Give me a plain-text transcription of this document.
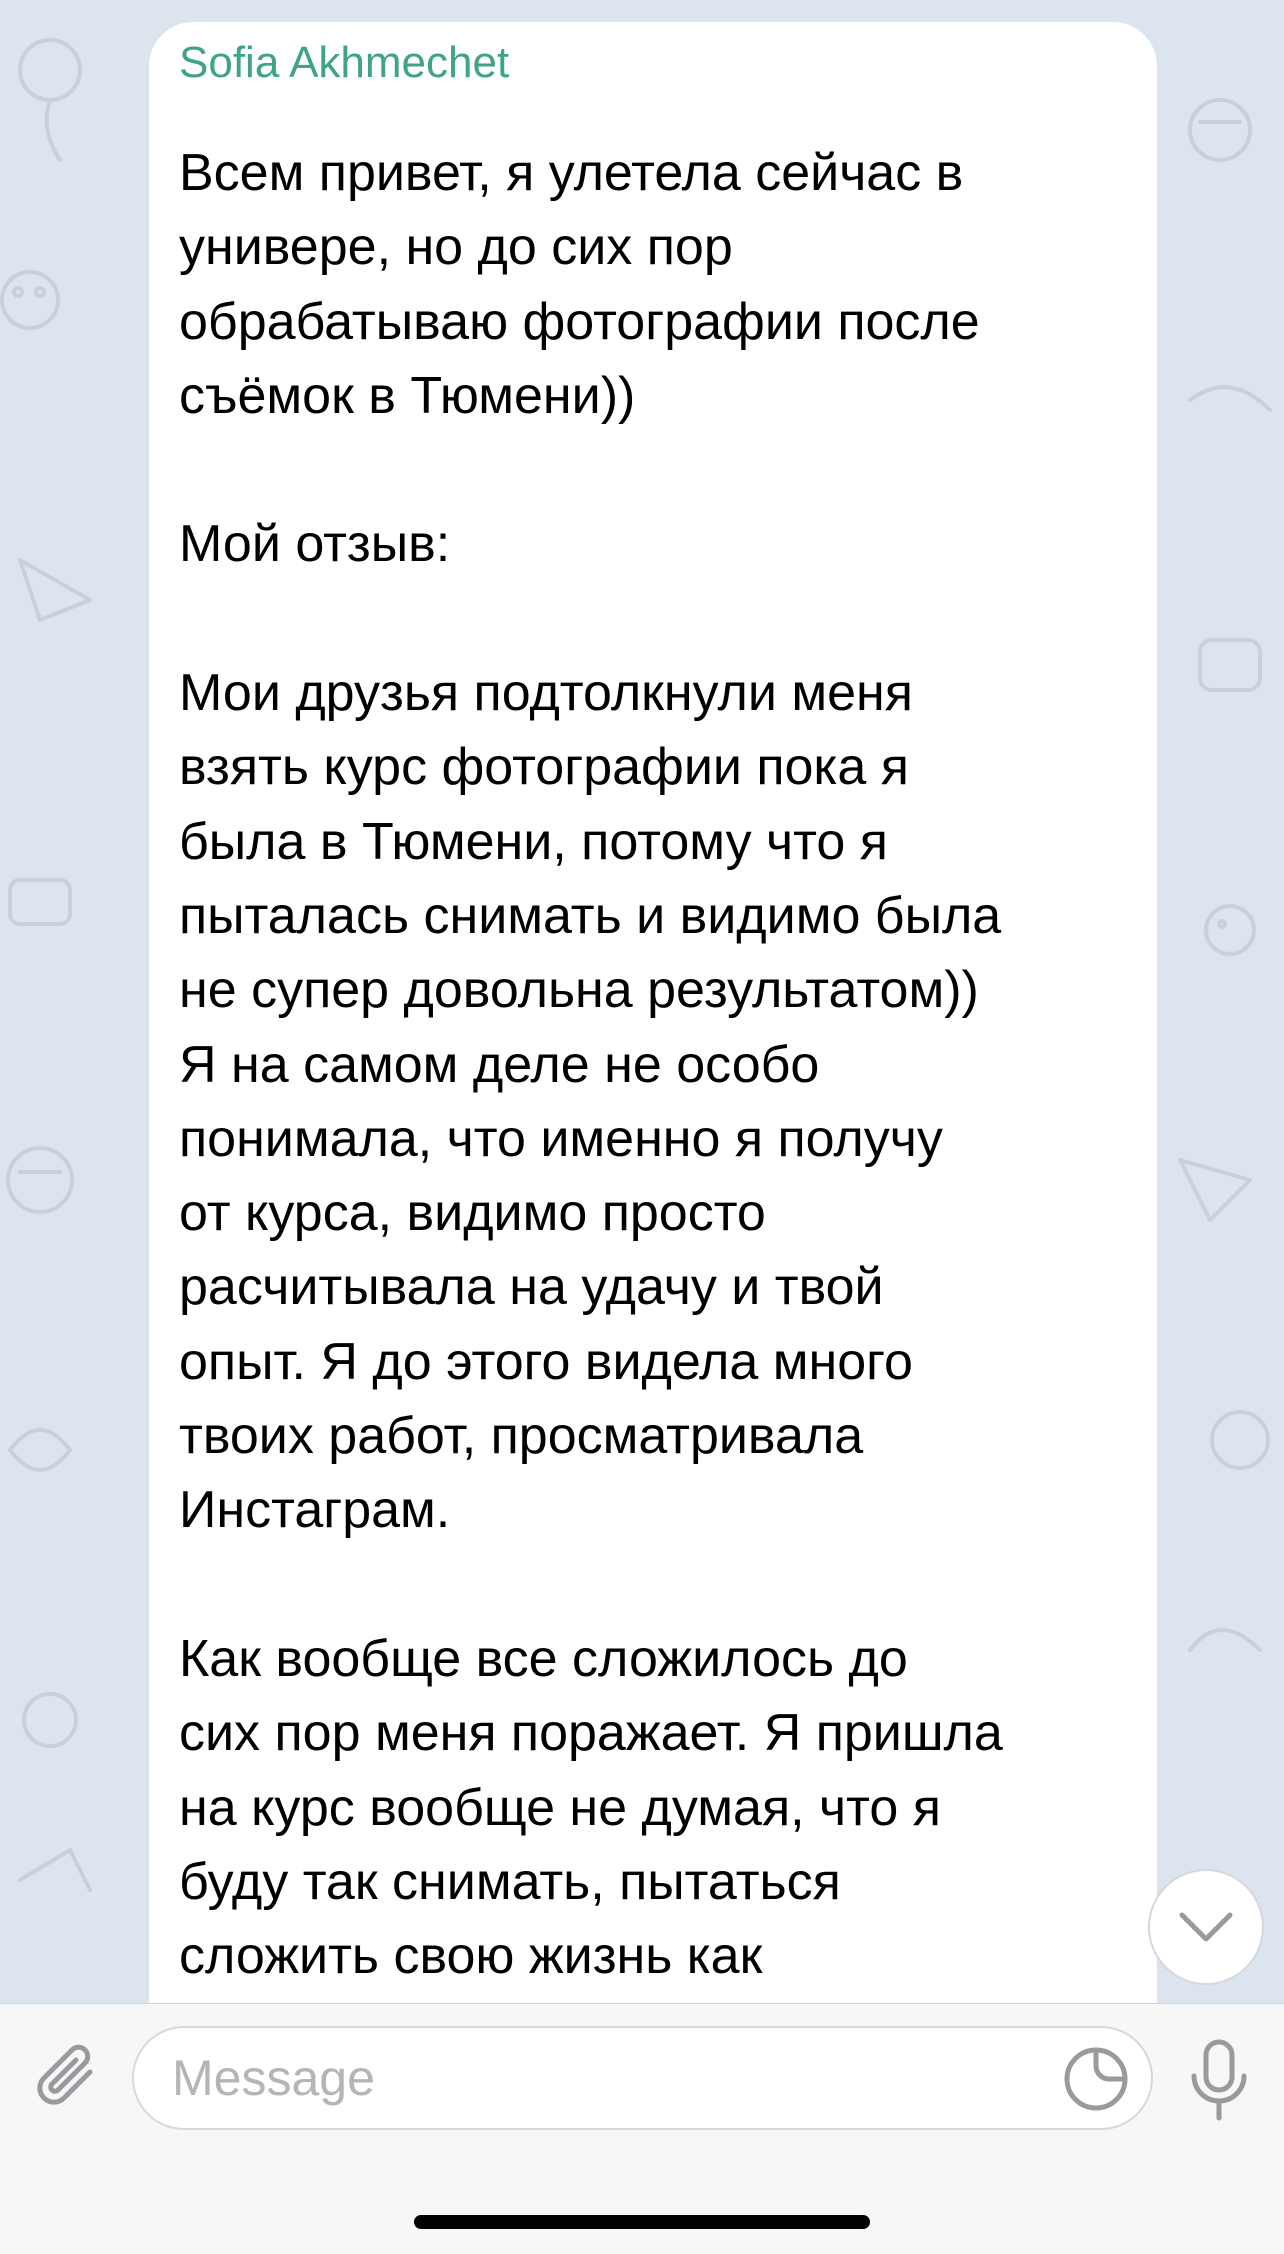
Sofia Akhmechet
Всем привет, я улетела сейчас в
универе, но до сих пор
обрабатываю фотографии после
съёмок в Тюмени))
Мой отзыв:
Мои друзья подтолкнули меня
взять курс фотографии пока я
была в Тюмени, потому что я
пыталась снимать и видимо была
не супер довольна результатом))
Я на самом деле не особо
понимала, что именно я получу
от курса, видимо просто
расчитывала на удачу и твой
опыт. Я до этого видела много
твоих работ, просматривала
Инстаграм.
Как вообще все сложилось до
сих пор меня поражает. Я пришла
на курс вообще не думая, что я
буду так снимать, пытаться
сложить свою жизнь как
Message
